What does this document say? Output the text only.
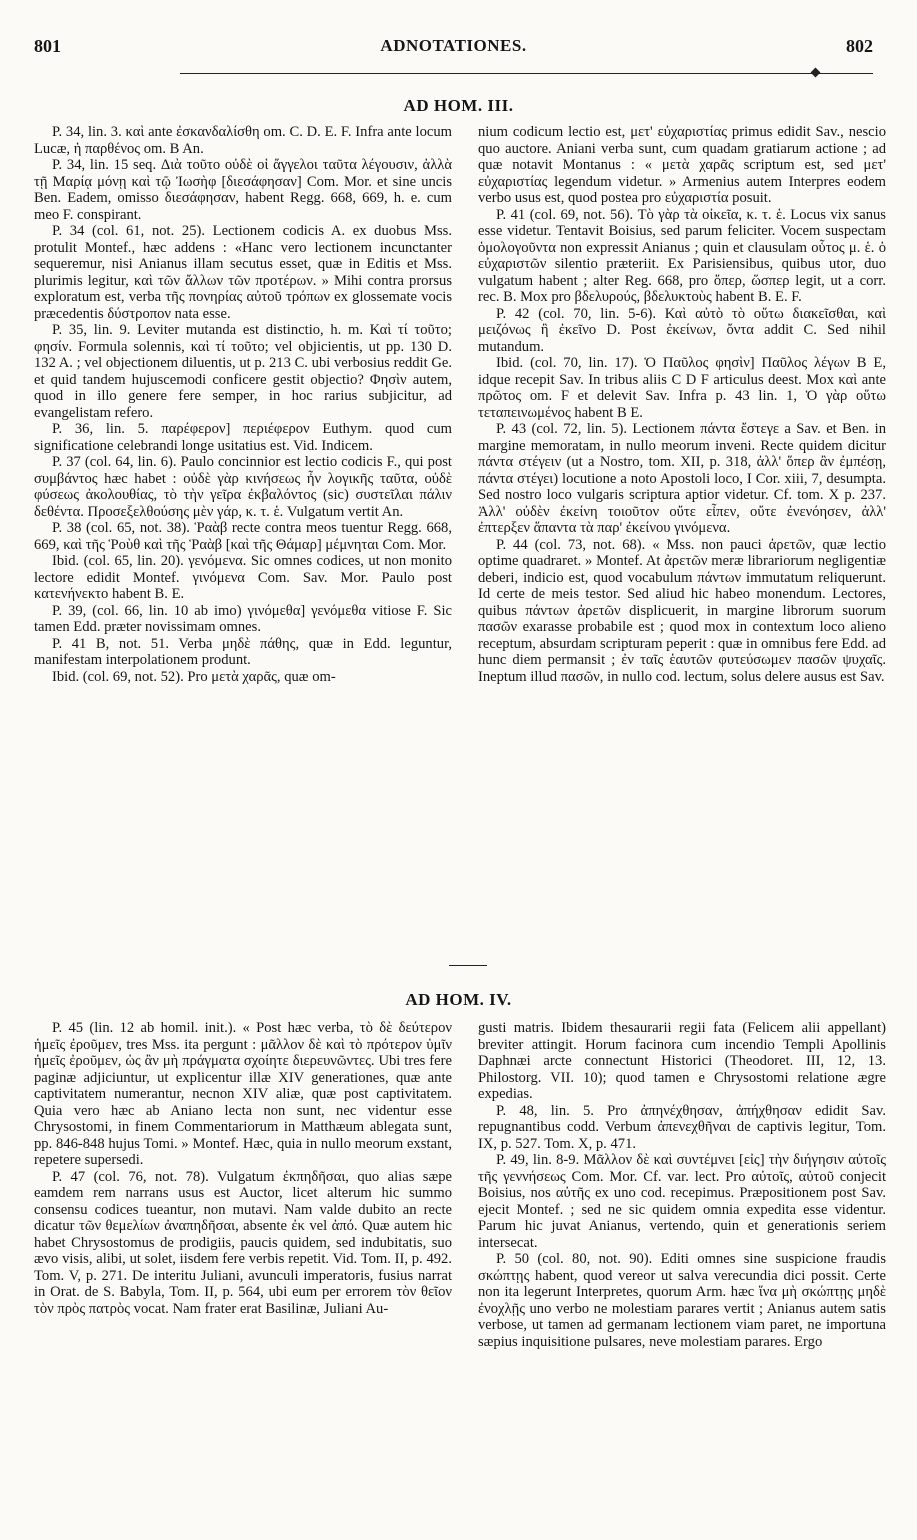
801	ADNOTATIONES.	802
AD HOM. III.

P. 34, lin. 3. καὶ ante ἐσκανδαλίσθη om. C. D. E. F. Infra ante locum Lucæ, ἡ παρθένος om. B An.

P. 34, lin. 15 seq. Διὰ τοῦτο οὐδὲ οἱ ἄγγελοι ταῦτα λέγουσιν, ἀλλὰ τῇ Μαρίᾳ μόνῃ καὶ τῷ Ἰωσὴφ [διεσάφησαν] Com. Mor. et sine uncis Ben. Eadem, omisso διεσάφησαν, habent Regg. 668, 669, h. e. cum meo F. conspirant.

P. 34 (col. 61, not. 25). Lectionem codicis A. ex duobus Mss. protulit Montef., hæc addens : «Hanc vero lectionem incunctanter sequeremur, nisi Anianus illam secutus esset, quæ in Editis et Mss. plurimis legitur, καὶ τῶν ἄλλων τῶν προτέρων. » Mihi contra prorsus exploratum est, verba τῆς πονηρίας αὐτοῦ τρόπων ex glossemate vocis præcedentis δύστροπον nata esse.

P. 35, lin. 9. Leviter mutanda est distinctio, h. m. Καὶ τί τοῦτο; φησίν. Formula solennis, καὶ τί τοῦτο; vel objicientis, ut pp. 130 D. 132 A. ; vel objectionem diluentis, ut p. 213 C. ubi verbosius reddit Ge. et quid tandem hujuscemodi conficere gestit objectio? Φησὶν autem, quod in illo genere fere semper, in hoc rarius subjicitur, ad evangelistam refero.

P. 36, lin. 5. παρέφερον] περιέφερον Euthym. quod cum significatione celebrandi longe usitatius est. Vid. Indicem.

P. 37 (col. 64, lin. 6). Paulo concinnior est lectio codicis F., qui post συμβάντος hæc habet : οὐδὲ γὰρ κινήσεως ἦν λογικῆς ταῦτα, οὐδὲ φύσεως ἀκολουθίας, τὸ τὴν γεῖρα ἐκβαλόντος (sic) συστεῖλαι πάλιν δεθέντα. Προσεξελθούσης μὲν γάρ, κ. τ. ἑ. Vulgatum vertit An.

P. 38 (col. 65, not. 38). Ῥαὰβ recte contra meos tuentur Regg. 668, 669, καὶ τῆς Ῥοὺθ καὶ τῆς Ῥαὰβ [καὶ τῆς Θάμαρ] μέμνηται Com. Mor.

Ibid. (col. 65, lin. 20). γενόμενα. Sic omnes codices, ut non monito lectore edidit Montef. γινόμενα Com. Sav. Mor. Paulo post κατενήνεκτο habent B. E.

P. 39, (col. 66, lin. 10 ab imo) γινόμεθα] γενόμεθα vitiose F. Sic tamen Edd. præter novissimam omnes.

P. 41 B, not. 51. Verba μηδὲ πάθης, quæ in Edd. leguntur, manifestam interpolationem produnt.

Ibid. (col. 69, not. 52). Pro μετὰ χαρᾶς, quæ om-

nium codicum lectio est, μετ' εὐχαριστίας primus edidit Sav., nescio quo auctore. Aniani verba sunt, cum quadam gratiarum actione ; ad quæ notavit Montanus : « μετὰ χαρᾶς scriptum est, sed μετ' εὐχαριστίας legendum videtur. » Armenius autem Interpres eodem verbo usus est, quod postea pro εὐχαριστία posuit.

P. 41 (col. 69, not. 56). Τὸ γὰρ τὰ οἰκεῖα, κ. τ. ἑ. Locus vix sanus esse videtur. Tentavit Boisius, sed parum feliciter. Vocem suspectam ὁμολογοῦντα non expressit Anianus ; quin et clausulam οὗτος μ. ἑ. ὁ εὐχαριστῶν silentio præteriit. Ex Parisiensibus, quibus utor, duo vulgatum habent ; alter Reg. 668, pro ὅπερ, ὥσπερ legit, ut a corr. rec. B. Mox pro βδελυρούς, βδελυκτοὺς habent B. E. F.

P. 42 (col. 70, lin. 5-6). Καὶ αὐτὸ τὸ οὕτω διακεῖσθαι, καὶ μειζόνως ἢ ἐκεῖνο D. Post ἐκείνων, ὄντα addit C. Sed nihil mutandum.

Ibid. (col. 70, lin. 17). Ὁ Παῦλος φησὶν] Παῦλος λέγων B E, idque recepit Sav. In tribus aliis C D F articulus deest. Mox καὶ ante πρῶτος om. F et delevit Sav. Infra p. 43 lin. 1, Ὁ γὰρ οὕτω τεταπεινωμένος habent B E.

P. 43 (col. 72, lin. 5). Lectionem πάντα ἔστεγε a Sav. et Ben. in margine memoratam, in nullo meorum inveni. Recte quidem dicitur πάντα στέγειν (ut a Nostro, tom. XII, p. 318, ἀλλ' ὅπερ ἂν ἐμπέσῃ, πάντα στέγει) locutione a noto Apostoli loco, I Cor. xiii, 7, desumpta. Sed nostro loco vulgaris scriptura aptior videtur. Cf. tom. X p. 237. Ἀλλ' οὐδὲν ἐκείνη τοιοῦτον οὔτε εἶπεν, οὔτε ἐνενόησεν, ἀλλ' ἐπτερξεν ἅπαντα τὰ παρ' ἐκείνου γινόμενα.

P. 44 (col. 73, not. 68). « Mss. non pauci ἀρετῶν, quæ lectio optime quadraret. » Montef. At ἀρετῶν meræ librariorum negligentiæ deberi, indicio est, quod vocabulum πάντων immutatum reliquerunt. Id certe de meis testor. Sed aliud hic habeo monendum. Lectores, quibus πάντων ἀρετῶν displicuerit, in margine librorum suorum πασῶν exarasse probabile est ; quod mox in contextum loco alieno receptum, absurdam scripturam peperit : quæ in omnibus fere Edd. ad hunc diem permansit ; ἐν ταῖς ἑαυτῶν φυτεύσωμεν πασῶν ψυχαῖς. Ineptum illud πασῶν, in nullo cod. lectum, solus delere ausus est Sav.

AD HOM. IV.

P. 45 (lin. 12 ab homil. init.). « Post hæc verba, τὸ δὲ δεύτερον ἡμεῖς ἐροῦμεν, tres Mss. ita pergunt : μᾶλλον δὲ καὶ τὸ πρότερον ὑμῖν ἡμεῖς ἐροῦμεν, ὡς ἂν μὴ πράγματα σχοίητε διερευνῶντες. Ubi tres fere paginæ adjiciuntur, ut explicentur illæ XIV generationes, quæ ante captivitatem numerantur, necnon XIV aliæ, quæ post captivitatem. Quia vero hæc ab Aniano lecta non sunt, nec videntur esse Chrysostomi, in finem Commentariorum in Matthæum ablegata sunt, pp. 846-848 hujus Tomi. » Montef. Hæc, quia in nullo meorum exstant, repetere supersedi.

P. 47 (col. 76, not. 78). Vulgatum ἐκπηδῆσαι, quo alias sæpe eamdem rem narrans usus est Auctor, licet alterum hic summo consensu codices tueantur, non mutavi. Nam valde dubito an recte dicatur τῶν θεμελίων ἀναπηδῆσαι, absente ἐκ vel ἀπό. Quæ autem hic habet Chrysostomus de prodigiis, paucis quidem, sed indubitatis, suo ævo visis, alibi, ut solet, iisdem fere verbis repetit. Vid. Tom. II, p. 492. Tom. V, p. 271. De interitu Juliani, avunculi imperatoris, fusius narrat in Orat. de S. Babyla, Tom. II, p. 564, ubi eum per errorem τὸν θεῖον τὸν πρὸς πατρὸς vocat. Nam frater erat Basilinæ, Juliani Au-

gusti matris. Ibidem thesaurarii regii fata (Felicem alii appellant) breviter attingit. Horum facinora cum incendio Templi Apollinis Daphnæi arcte connectunt Historici (Theodoret. III, 12, 13. Philostorg. VII. 10); quod tamen e Chrysostomi relatione ægre expedias.

P. 48, lin. 5. Pro ἀπηνέχθησαν, ἀπήχθησαν edidit Sav. repugnantibus codd. Verbum ἀπενεχθῆναι de captivis legitur, Tom. IX, p. 527. Tom. X, p. 471.

P. 49, lin. 8-9. Μᾶλλον δὲ καὶ συντέμνει [εἰς] τὴν διήγησιν αὐτοῖς τῆς γεννήσεως Com. Mor. Cf. var. lect. Pro αὐτοῖς, αὐτοῦ conjecit Boisius, nos αὐτῆς ex uno cod. recepimus. Præpositionem post Sav. ejecit Montef. ; sed ne sic quidem omnia expedita esse videntur. Parum hic juvat Anianus, vertendo, quin et generationis seriem intersecat.

P. 50 (col. 80, not. 90). Editi omnes sine suspicione fraudis σκώπτῃς habent, quod vereor ut salva verecundia dici possit. Certe non ita legerunt Interpretes, quorum Arm. hæc ἵνα μὴ σκώπτῃς μηδὲ ἐνοχλῇς uno verbo ne molestiam parares vertit ; Anianus autem satis verbose, ut tamen ad germanam lectionem viam paret, ne importuna sæpius inquisitione pulsares, neve molestiam parares. Ergo
